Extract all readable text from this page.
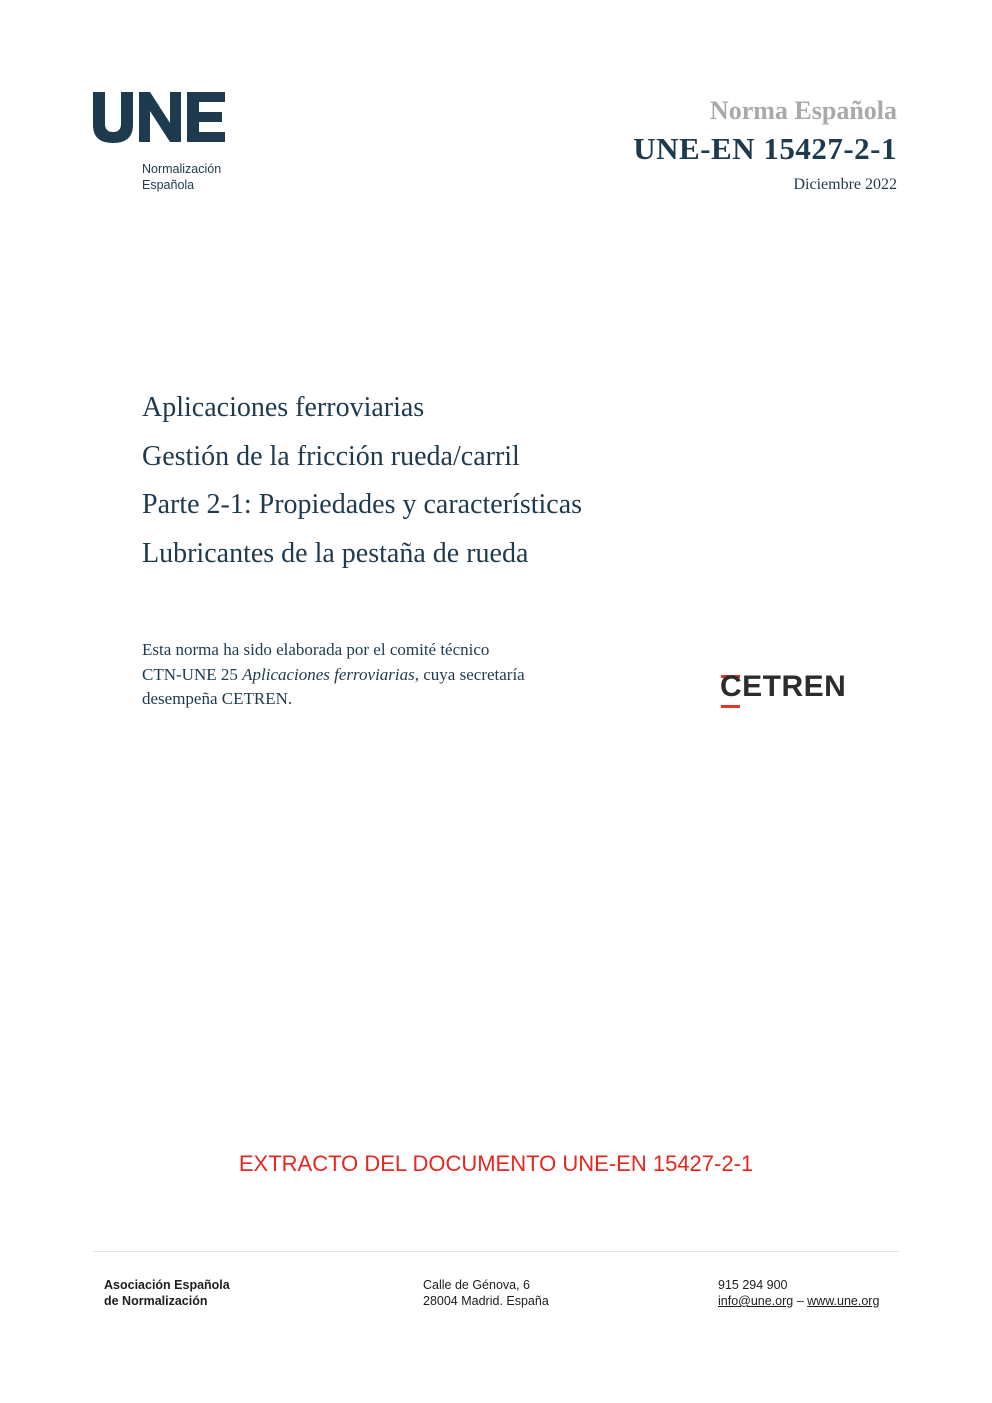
Normalización
Española
Norma Española
UNE-EN 15427-2-1
Diciembre 2022
Aplicaciones ferroviarias
Gestión de la fricción rueda/carril
Parte 2-1: Propiedades y características
Lubricantes de la pestaña de rueda
Esta norma ha sido elaborada por el comité técnico
CTN-UNE 25 Aplicaciones ferroviarias, cuya secretaría
desempeña CETREN.	CETREN
EXTRACTO DEL DOCUMENTO UNE-EN 15427-2-1
Asociación Española
de Normalización
Calle de Génova, 6
28004 Madrid. España
915 294 900
info@une.org – www.une.org
